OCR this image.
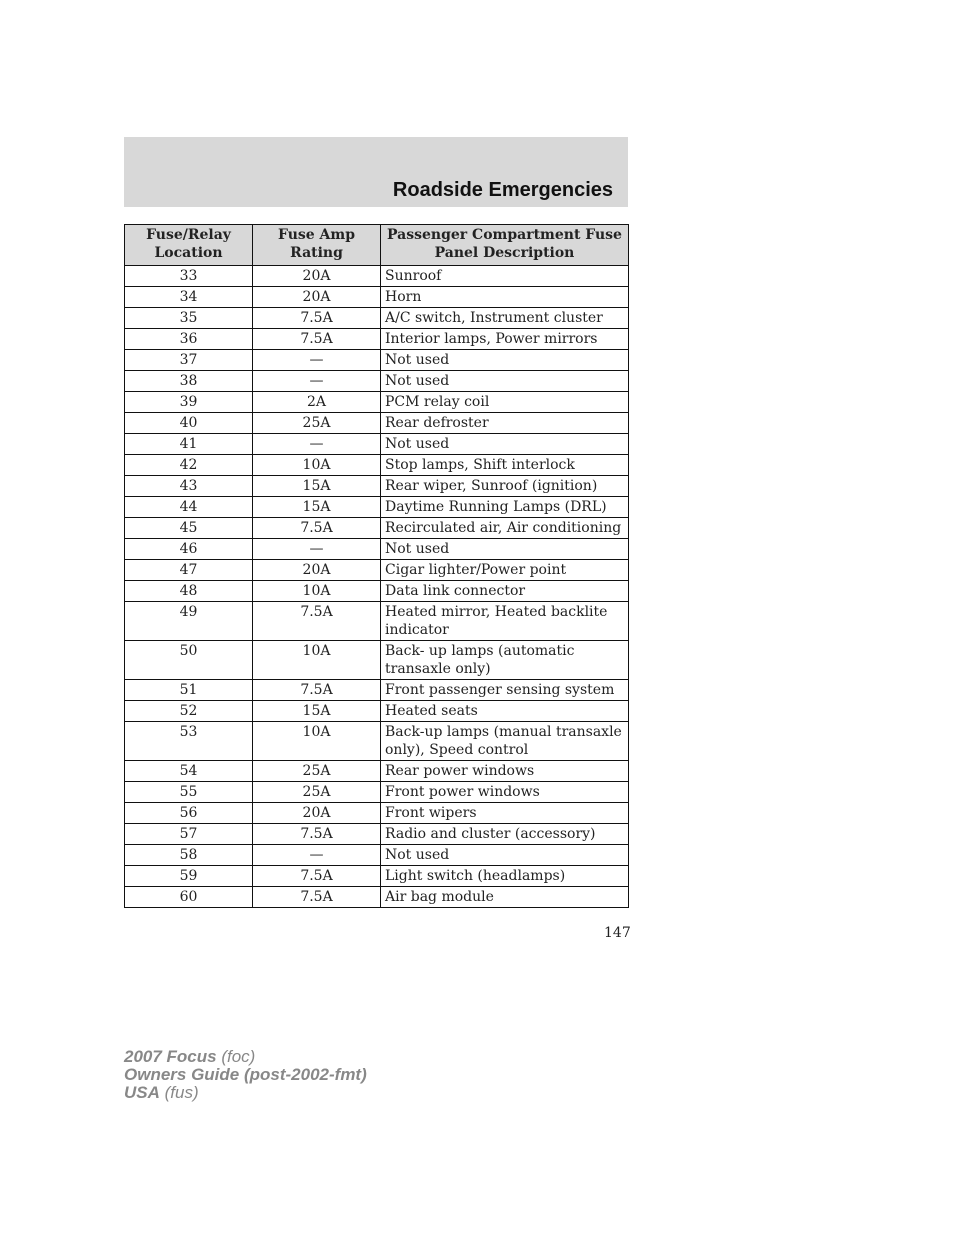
Roadside Emergencies
Fuse/Relay Location	Fuse Amp Rating	Passenger Compartment Fuse Panel Description
33	20A	Sunroof
34	20A	Horn
35	7.5A	A/C switch, Instrument cluster
36	7.5A	Interior lamps, Power mirrors
37	—	Not used
38	—	Not used
39	2A	PCM relay coil
40	25A	Rear defroster
41	—	Not used
42	10A	Stop lamps, Shift interlock
43	15A	Rear wiper, Sunroof (ignition)
44	15A	Daytime Running Lamps (DRL)
45	7.5A	Recirculated air, Air conditioning
46	—	Not used
47	20A	Cigar lighter/Power point
48	10A	Data link connector
49	7.5A	Heated mirror, Heated backlite indicator
50	10A	Back- up lamps (automatic transaxle only)
51	7.5A	Front passenger sensing system
52	15A	Heated seats
53	10A	Back-up lamps (manual transaxle only), Speed control
54	25A	Rear power windows
55	25A	Front power windows
56	20A	Front wipers
57	7.5A	Radio and cluster (accessory)
58	—	Not used
59	7.5A	Light switch (headlamps)
60	7.5A	Air bag module
147
2007 Focus (foc)
Owners Guide (post-2002-fmt)
USA (fus)
